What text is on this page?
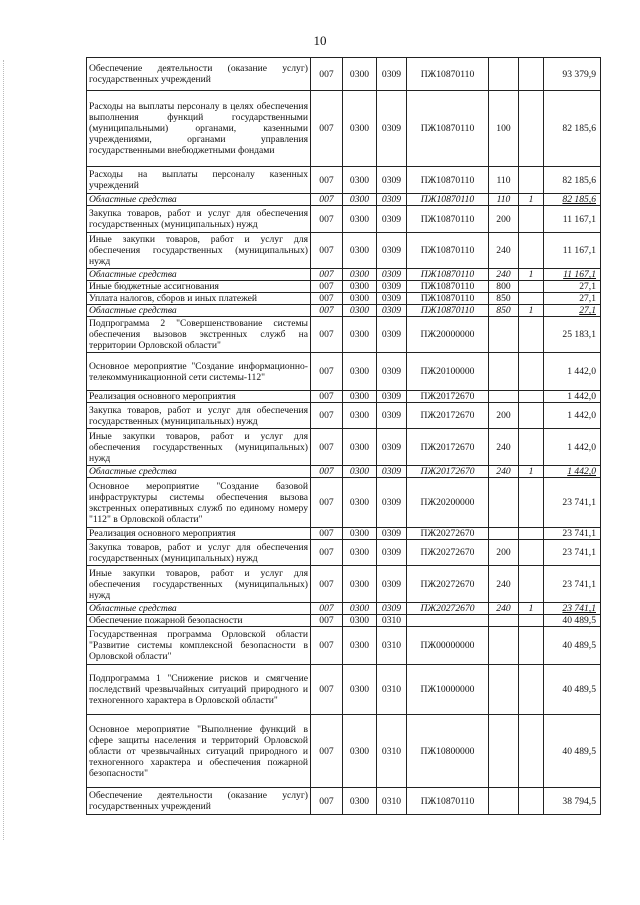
10
Обеспечение деятельности (оказание услуг) государственных учреждений	007	0300	0309	ПЖ10870110			93 379,9
Расходы на выплаты персоналу в целях обеспечения выполнения функций государственными (муниципальными) органами, казенными учреждениями, органами управления государственными внебюджетными фондами	007	0300	0309	ПЖ10870110	100		82 185,6
Расходы на выплаты персоналу казенных учреждений	007	0300	0309	ПЖ10870110	110		82 185,6
Областные средства	007	0300	0309	ПЖ10870110	110	1	82 185,6
Закупка товаров, работ и услуг для обеспечения государственных (муниципальных) нужд	007	0300	0309	ПЖ10870110	200		11 167,1
Иные закупки товаров, работ и услуг для обеспечения государственных (муниципальных) нужд	007	0300	0309	ПЖ10870110	240		11 167,1
Областные средства	007	0300	0309	ПЖ10870110	240	1	11 167,1
Иные бюджетные ассигнования	007	0300	0309	ПЖ10870110	800		27,1
Уплата налогов, сборов и иных платежей	007	0300	0309	ПЖ10870110	850		27,1
Областные средства	007	0300	0309	ПЖ10870110	850	1	27,1
Подпрограмма 2 "Совершенствование системы обеспечения вызовов экстренных служб на территории Орловской области"	007	0300	0309	ПЖ20000000			25 183,1
Основное мероприятие "Создание информационно-телекоммуникационной сети системы-112"	007	0300	0309	ПЖ20100000			1 442,0
Реализация основного мероприятия	007	0300	0309	ПЖ20172670			1 442,0
Закупка товаров, работ и услуг для обеспечения государственных (муниципальных) нужд	007	0300	0309	ПЖ20172670	200		1 442,0
Иные закупки товаров, работ и услуг для обеспечения государственных (муниципальных) нужд	007	0300	0309	ПЖ20172670	240		1 442,0
Областные средства	007	0300	0309	ПЖ20172670	240	1	1 442,0
Основное мероприятие "Создание базовой инфраструктуры системы обеспечения вызова экстренных оперативных служб по единому номеру "112" в Орловской области"	007	0300	0309	ПЖ20200000			23 741,1
Реализация основного мероприятия	007	0300	0309	ПЖ20272670			23 741,1
Закупка товаров, работ и услуг для обеспечения государственных (муниципальных) нужд	007	0300	0309	ПЖ20272670	200		23 741,1
Иные закупки товаров, работ и услуг для обеспечения государственных (муниципальных) нужд	007	0300	0309	ПЖ20272670	240		23 741,1
Областные средства	007	0300	0309	ПЖ20272670	240	1	23 741,1
Обеспечение пожарной безопасности	007	0300	0310				40 489,5
Государственная программа Орловской области "Развитие системы комплексной безопасности в Орловской области"	007	0300	0310	ПЖ00000000			40 489,5
Подпрограмма 1 "Снижение рисков и смягчение последствий чрезвычайных ситуаций природного и техногенного характера в Орловской области"	007	0300	0310	ПЖ10000000			40 489,5
Основное мероприятие "Выполнение функций в сфере защиты населения и территорий Орловской области от чрезвычайных ситуаций природного и техногенного характера и обеспечения пожарной безопасности"	007	0300	0310	ПЖ10800000			40 489,5
Обеспечение деятельности (оказание услуг) государственных учреждений	007	0300	0310	ПЖ10870110			38 794,5
